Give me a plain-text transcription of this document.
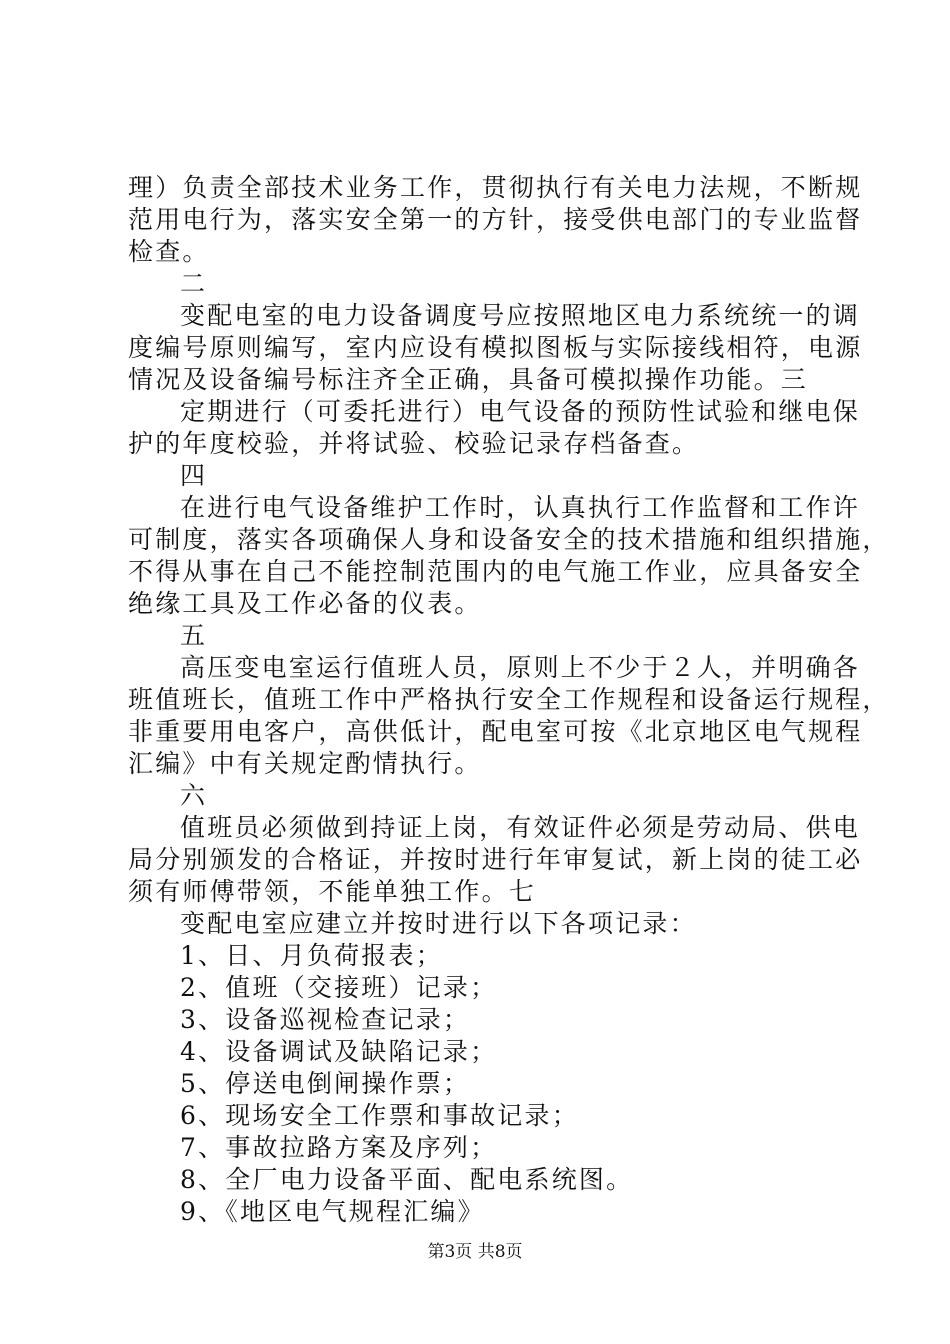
理）负责全部技术业务工作，贯彻执行有关电力法规，不断规
范用电行为，落实安全第一的方针，接受供电部门的专业监督
检查。
二
变配电室的电力设备调度号应按照地区电力系统统一的调
度编号原则编写，室内应设有模拟图板与实际接线相符，电源
情况及设备编号标注齐全正确，具备可模拟操作功能。三
定期进行（可委托进行）电气设备的预防性试验和继电保
护的年度校验，并将试验、校验记录存档备查。
四
在进行电气设备维护工作时，认真执行工作监督和工作许
可制度，落实各项确保人身和设备安全的技术措施和组织措施，
不得从事在自己不能控制范围内的电气施工作业，应具备安全
绝缘工具及工作必备的仪表。
五
高压变电室运行值班人员，原则上不少于２人，并明确各
班值班长，值班工作中严格执行安全工作规程和设备运行规程，
非重要用电客户，高供低计，配电室可按《北京地区电气规程
汇编》中有关规定酌情执行。
六
值班员必须做到持证上岗，有效证件必须是劳动局、供电
局分别颁发的合格证，并按时进行年审复试，新上岗的徒工必
须有师傅带领，不能单独工作。七
变配电室应建立并按时进行以下各项记录：
1、日、月负荷报表；
2、值班（交接班）记录；
3、设备巡视检查记录；
4、设备调试及缺陷记录；
5、停送电倒闸操作票；
6、现场安全工作票和事故记录；
7、事故拉路方案及序列；
8、全厂电力设备平面、配电系统图。
9、《地区电气规程汇编》
第3页 共8页
